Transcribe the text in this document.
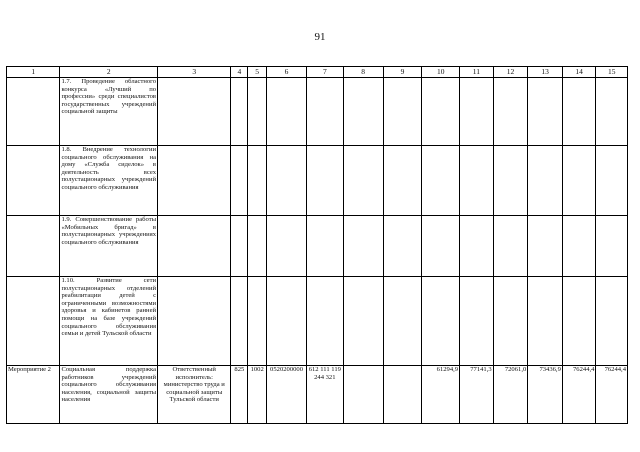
91
1	2	3	4	5	6	7	8	9	10	11	12	13	14	15
	1.7. Проведение областного конкурса «Лучший по профессии» среди специалистов государственных учреждений социальной защиты													
	1.8. Внедрение технологии социального обслуживания на дому «Служба сиделок» в деятельность всех полустационарных учреждений социального обслуживания													
	1.9. Совершенствование работы «Мобильных бригад» в полустационарных учреждениях социального обслуживания													
	1.10. Развитие сети полустационарных отделений реабилитации детей с ограниченными возможностями здоровья и кабинетов ранней помощи на базе учреждений социального обслуживания семьи и детей Тульской области													
Мероприятие 2	Социальная поддержка работников учреждений социального обслуживания населения, социальной защиты населения	Ответственный исполнитель: министерство труда и социальной защиты Тульской области	825	1002	0520200000	612 111 119 244 321			61294,9	77141,3	72061,0	73436,9	76244,4	76244,4
